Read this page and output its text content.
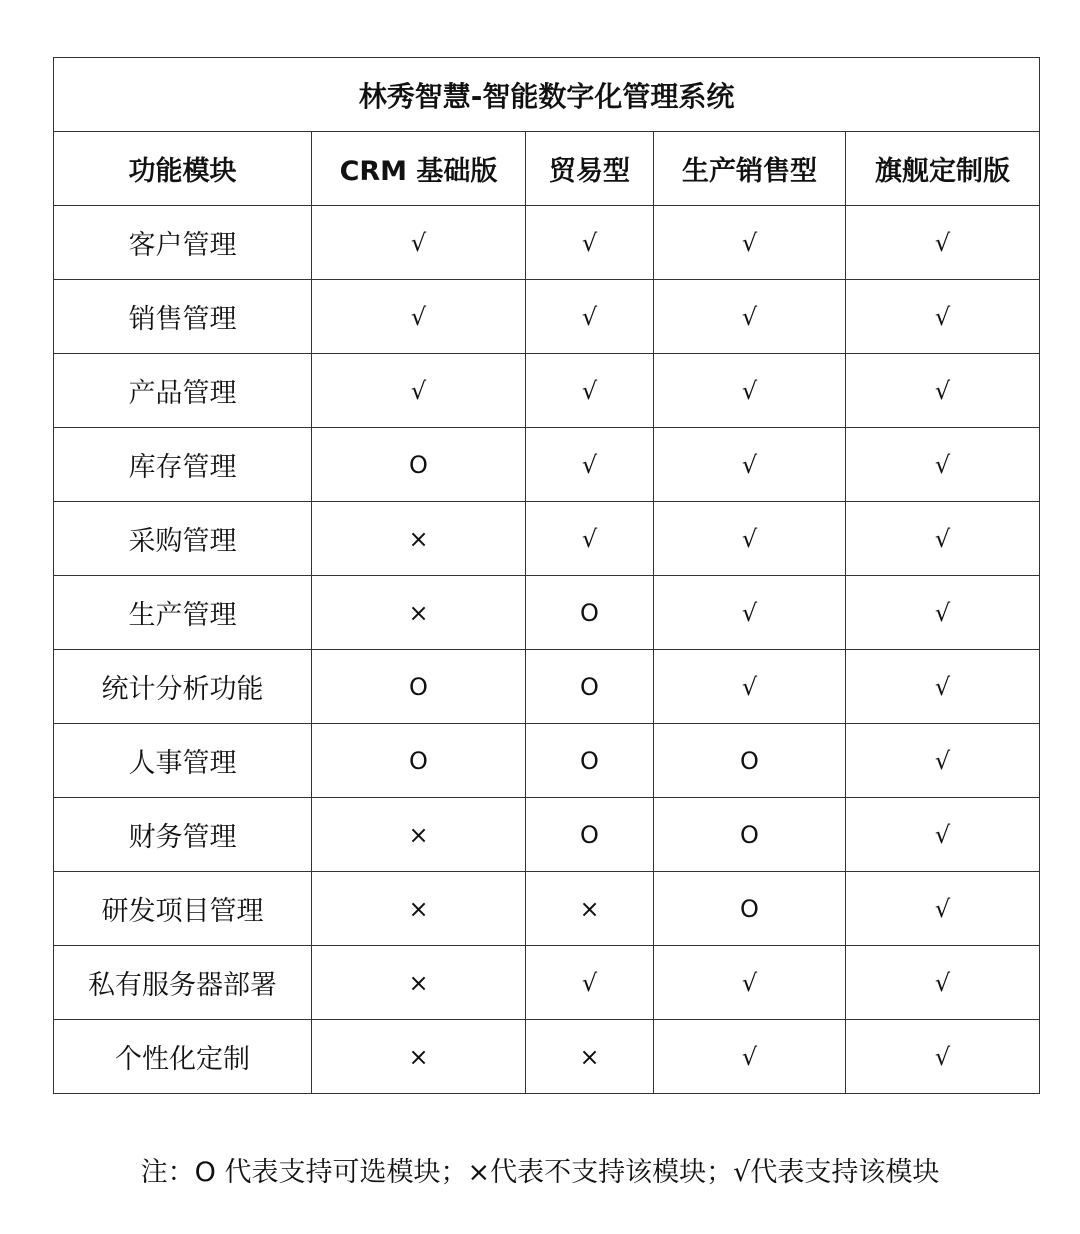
林秀智慧-智能数字化管理系统				
功能模块	CRM 基础版	贸易型	生产销售型	旗舰定制版
客户管理	√	√	√	√
销售管理	√	√	√	√
产品管理	√	√	√	√
库存管理	O	√	√	√
采购管理	×	√	√	√
生产管理	×	O	√	√
统计分析功能	O	O	√	√
人事管理	O	O	O	√
财务管理	×	O	O	√
研发项目管理	×	×	O	√
私有服务器部署	×	√	√	√
个性化定制	×	×	√	√
注：O 代表支持可选模块；×代表不支持该模块；√代表支持该模块
